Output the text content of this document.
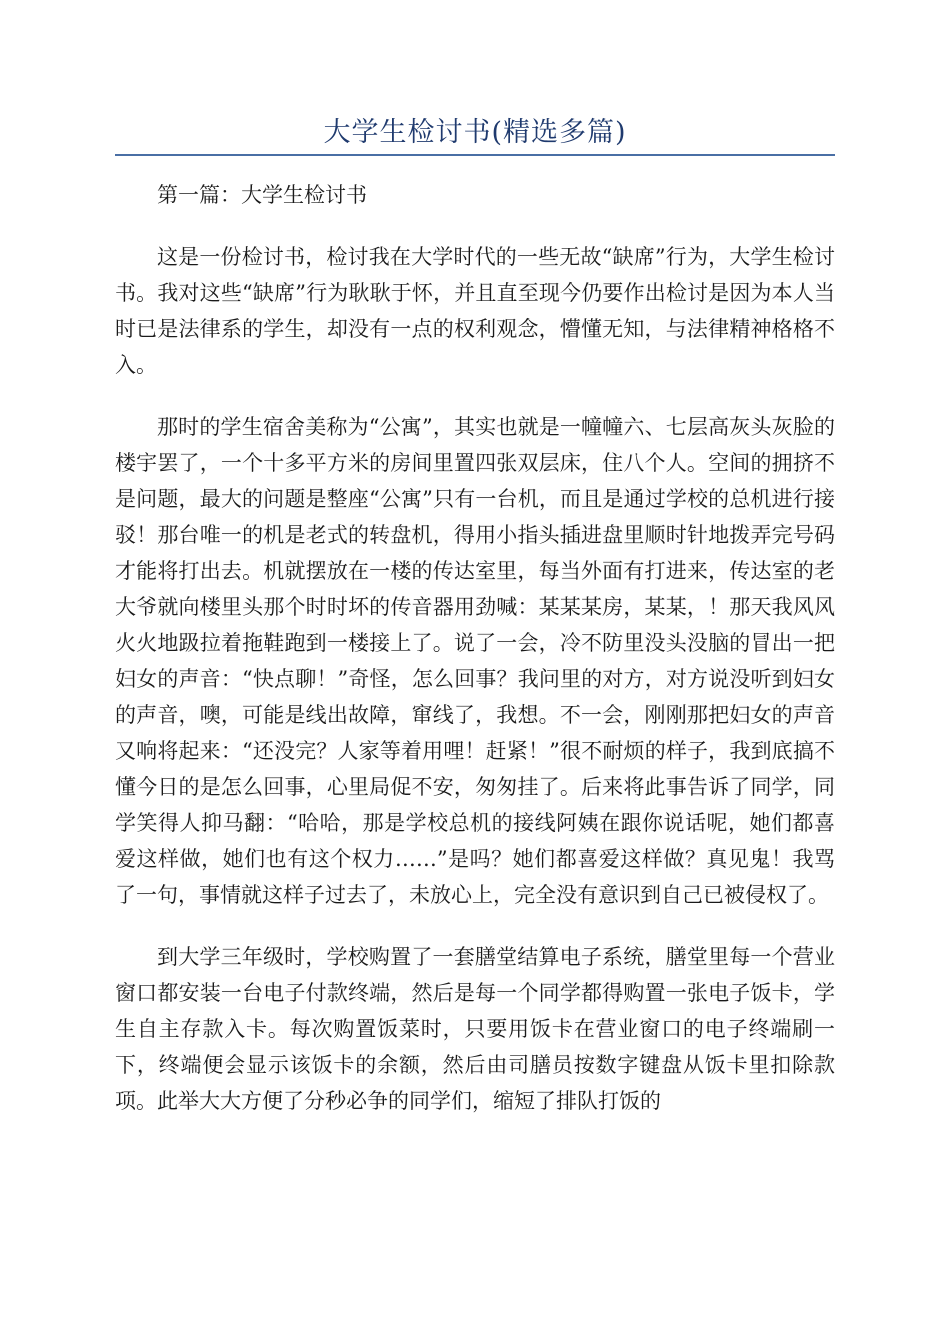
大学生检讨书(精选多篇)

第一篇：大学生检讨书

这是一份检讨书，检讨我在大学时代的一些无故“缺席”行为，大学生检讨书。我对这些“缺席”行为耿耿于怀，并且直至现今仍要作出检讨是因为本人当时已是法律系的学生，却没有一点的权利观念，懵懂无知，与法律精神格格不入。

那时的学生宿舍美称为“公寓”，其实也就是一幢幢六、七层高灰头灰脸的楼宇罢了，一个十多平方米的房间里置四张双层床，住八个人。空间的拥挤不是问题，最大的问题是整座“公寓”只有一台机，而且是通过学校的总机进行接驳！那台唯一的机是老式的转盘机，得用小指头插进盘里顺时针地拨弄完号码才能将打出去。机就摆放在一楼的传达室里，每当外面有打进来，传达室的老大爷就向楼里头那个时时坏的传音器用劲喊：某某某房，某某，！那天我风风火火地趿拉着拖鞋跑到一楼接上了。说了一会，冷不防里没头没脑的冒出一把妇女的声音：“快点聊！”奇怪，怎么回事？我问里的对方，对方说没听到妇女的声音，噢，可能是线出故障，窜线了，我想。不一会，刚刚那把妇女的声音又响将起来：“还没完？人家等着用哩！赶紧！”很不耐烦的样子，我到底搞不懂今日的是怎么回事，心里局促不安，匆匆挂了。后来将此事告诉了同学，同学笑得人抑马翻：“哈哈，那是学校总机的接线阿姨在跟你说话呢，她们都喜爱这样做，她们也有这个权力……”是吗？她们都喜爱这样做？真见鬼！我骂了一句，事情就这样子过去了，未放心上，完全没有意识到自己已被侵权了。

到大学三年级时，学校购置了一套膳堂结算电子系统，膳堂里每一个营业窗口都安装一台电子付款终端，然后是每一个同学都得购置一张电子饭卡，学生自主存款入卡。每次购置饭菜时，只要用饭卡在营业窗口的电子终端刷一下，终端便会显示该饭卡的余额，然后由司膳员按数字键盘从饭卡里扣除款项。此举大大方便了分秒必争的同学们，缩短了排队打饭的
